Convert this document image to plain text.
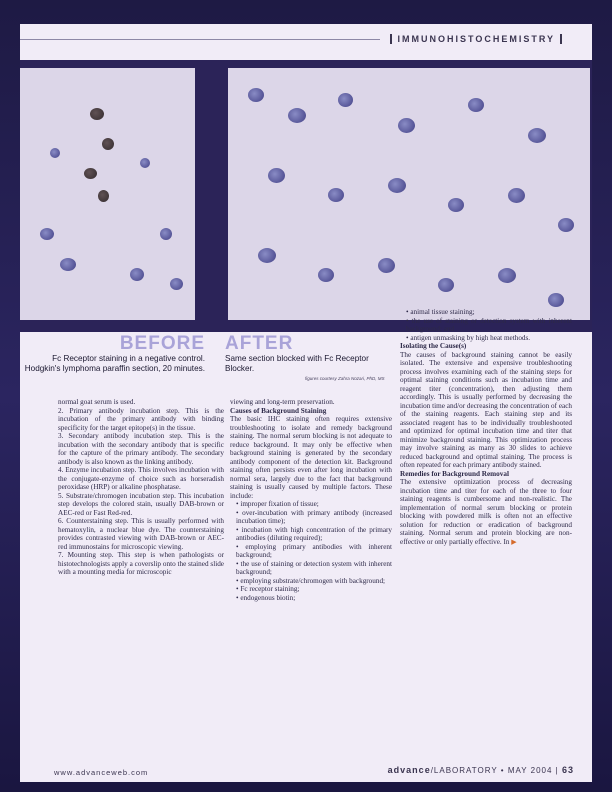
IMMUNOHISTOCHEMISTRY
BEFORE
Fc Receptor staining in a negative control. Hodgkin's lymphoma paraffin section, 20 minutes.
AFTER
Same section blocked with Fc Receptor Blocker.
figures courtesy Zahra Nozari, PhD, MS

normal goat serum is used.

2. Primary antibody incubation step. This is the incubation of the primary antibody with binding specificity for the target epitope(s) in the tissue.

3. Secondary antibody incubation step. This is the incubation with the secondary antibody that is specific for the capture of the primary antibody. The secondary antibody is also known as the linking antibody.

4. Enzyme incubation step. This involves incubation with the conjugate-enzyme of choice such as horseradish peroxidase (HRP) or alkaline phosphatase.

5. Substrate/chromogen incubation step. This incubation step develops the colored stain, usually DAB-brown or AEC-red or Fast Red-red.

6. Counterstaining step. This is usually performed with hematoxylin, a nuclear blue dye. The counterstaining provides contrasted viewing with DAB-brown or AEC-red immunostains for microscopic viewing.

7. Mounting step. This step is when pathologists or histotechnologists apply a coverslip onto the stained slide with a mounting media for microscopic

viewing and long-term preservation.

Causes of Background Staining

The basic IHC staining often requires extensive troubleshooting to isolate and remedy background staining. The normal serum blocking is not adequate to reduce background. It may only be effective when background staining is generated by the secondary antibody component of the detection kit. Background staining often persists even after long incubation with normal sera, largely due to the fact that background staining is usually caused by multiple factors. These include:

• improper fixation of tissue;

• over-incubation with primary antibody (increased incubation time);

• incubation with high concentration of the primary antibodies (diluting required);

• employing primary antibodies with inherent background;

• the use of staining or detection system with inherent background;

• employing substrate/chromogen with background;

• Fc receptor staining;

• endogenous biotin;

• animal tissue staining;

• the use of staining or detection system with inherent background; and

• antigen unmasking by high heat methods.

Isolating the Cause(s)

The causes of background staining cannot be easily isolated. The extensive and expensive troubleshooting process involves examining each of the staining steps for optimal staining conditions such as incubation time and reagent titer (concentration), then adjusting them accordingly. This is usually performed by decreasing the incubation time and/or decreasing the concentration of each of the staining reagents. Each staining step and its associated reagent has to be individually troubleshooted and optimized for optimal incubation time and titer that minimize background staining. This optimization process may involve staining as many as 30 slides to achieve reduced background and optimal staining. The process is often repeated for each primary antibody stained.

Remedies for Background Removal

The extensive optimization process of decreasing incubation time and titer for each of the three to four staining reagents is cumbersome and non-realistic. The implementation of normal serum blocking or protein blocking with powdered milk is often not an effective solution for reduction or eradication of background staining. Normal serum and protein blocking are non-effective or only partially effective. In ▶

www.advanceweb.com	advance/LABORATORY • MAY 2004 | 63
